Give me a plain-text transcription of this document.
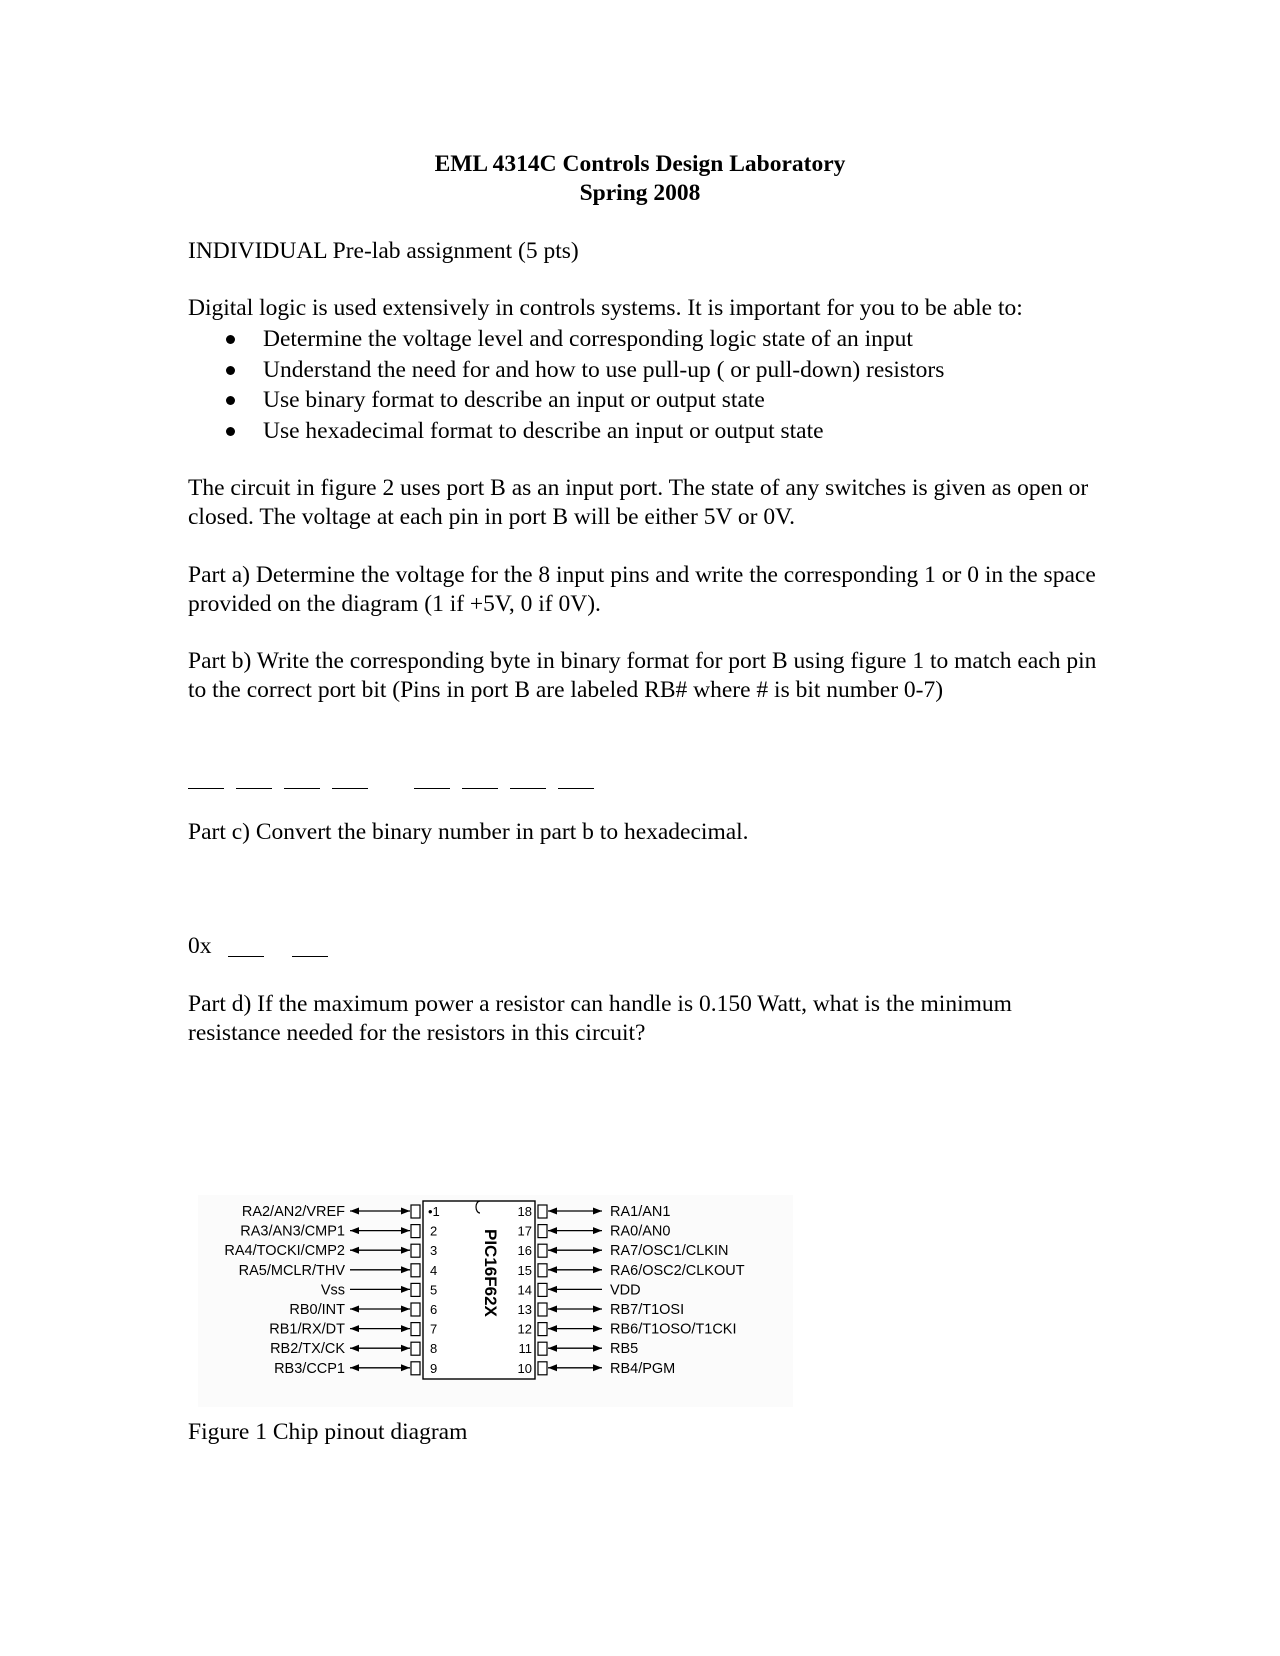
EML 4314C Controls Design Laboratory
Spring 2008

INDIVIDUAL Pre-lab assignment (5 pts)

Digital logic is used extensively in controls systems. It is important for you to be able to:

Determine the voltage level and corresponding logic state of an input
Understand the need for and how to use pull-up ( or pull-down) resistors
Use binary format to describe an input or output state
Use hexadecimal format to describe an input or output state

The circuit in figure 2 uses port B as an input port. The state of any switches is given as open or closed. The voltage at each pin in port B will be either 5V or 0V.

Part a) Determine the voltage for the 8 input pins and write the corresponding 1 or 0 in the space provided on the diagram (1 if +5V, 0 if 0V).

Part b) Write the corresponding byte in binary format for port B using figure 1 to match each pin to the correct port bit (Pins in port B are labeled RB# where # is bit number 0-7)

Part c) Convert the binary number in part b to hexadecimal.

0x

Part d) If the maximum power a resistor can handle is 0.150 Watt, what is the minimum resistance needed for the resistors in this circuit?

PIC16F62X
RA2/AN2/VREF	•1
RA3/AN3/CMP1	2
RA4/TOCKI/CMP2	3
RA5/MCLR/THV	4
Vss	5
RB0/INT	6
RB1/RX/DT	7
RB2/TX/CK	8
RB3/CCP1	9
RA1/AN1
18
RA0/AN0
17
RA7/OSC1/CLKIN
16
RA6/OSC2/CLKOUT
15
VDD
14
RB7/T1OSI
13
RB6/T1OSO/T1CKI
12
RB5
11
RB4/PGM
10

Figure 1 Chip pinout diagram
